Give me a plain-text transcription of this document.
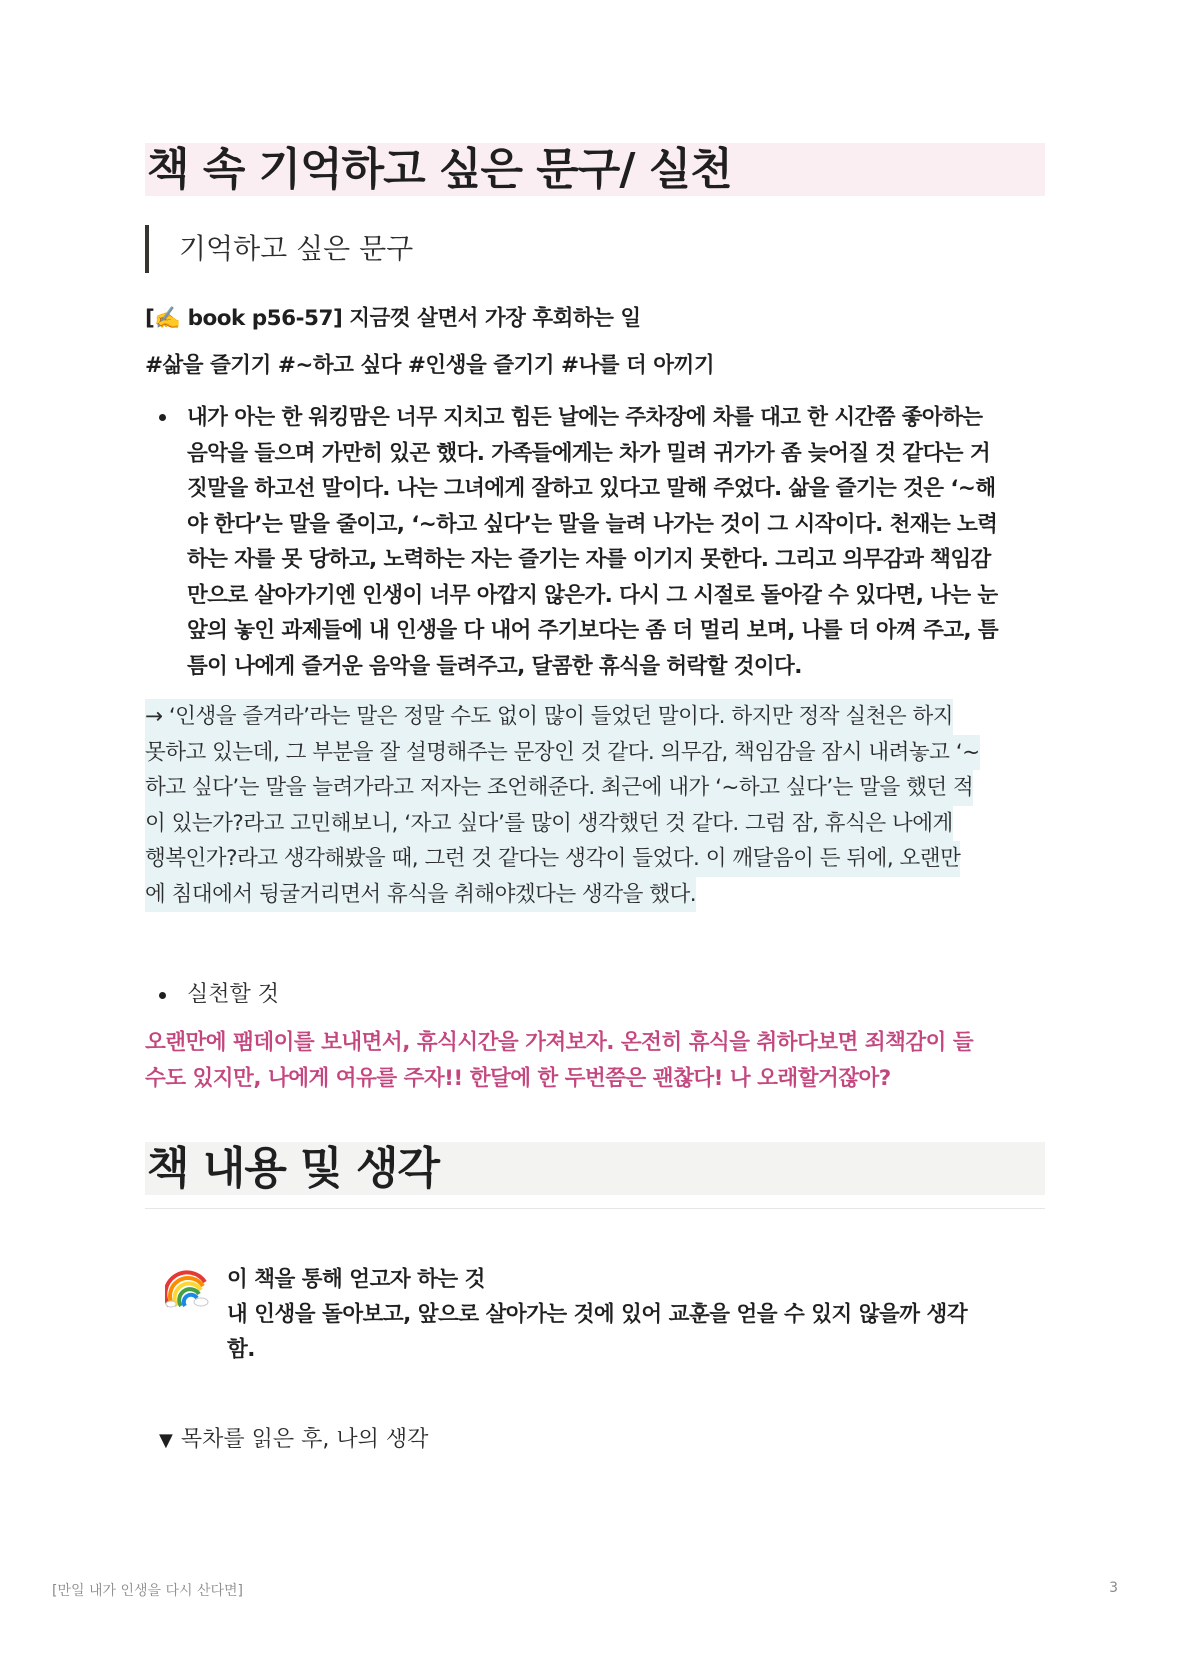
책 속 기억하고 싶은 문구/ 실천
기억하고 싶은 문구
[✍️ book p56-57] 지금껏 살면서 가장 후회하는 일
#삶을 즐기기 #~하고 싶다 #인생을 즐기기 #나를 더 아끼기
내가 아는 한 워킹맘은 너무 지치고 힘든 날에는 주차장에 차를 대고 한 시간쯤 좋아하는
음악을 들으며 가만히 있곤 했다. 가족들에게는 차가 밀려 귀가가 좀 늦어질 것 같다는 거
짓말을 하고선 말이다. 나는 그녀에게 잘하고 있다고 말해 주었다. 삶을 즐기는 것은 ‘~해
야 한다’는 말을 줄이고, ‘~하고 싶다’는 말을 늘려 나가는 것이 그 시작이다. 천재는 노력
하는 자를 못 당하고, 노력하는 자는 즐기는 자를 이기지 못한다. 그리고 의무감과 책임감
만으로 살아가기엔 인생이 너무 아깝지 않은가. 다시 그 시절로 돌아갈 수 있다면, 나는 눈
앞의 놓인 과제들에 내 인생을 다 내어 주기보다는 좀 더 멀리 보며, 나를 더 아껴 주고, 틈
틈이 나에게 즐거운 음악을 들려주고, 달콤한 휴식을 허락할 것이다.
→ ‘인생을 즐겨라’라는 말은 정말 수도 없이 많이 들었던 말이다. 하지만 정작 실천은 하지
못하고 있는데, 그 부분을 잘 설명해주는 문장인 것 같다. 의무감, 책임감을 잠시 내려놓고 ‘~
하고 싶다’는 말을 늘려가라고 저자는 조언해준다. 최근에 내가 ‘~하고 싶다’는 말을 했던 적
이 있는가?라고 고민해보니, ‘자고 싶다’를 많이 생각했던 것 같다. 그럼 잠, 휴식은 나에게
행복인가?라고 생각해봤을 때, 그런 것 같다는 생각이 들었다. 이 깨달음이 든 뒤에, 오랜만
에 침대에서 뒹굴거리면서 휴식을 취해야겠다는 생각을 했다.
실천할 것
오랜만에 팸데이를 보내면서, 휴식시간을 가져보자. 온전히 휴식을 취하다보면 죄책감이 들
수도 있지만, 나에게 여유를 주자!! 한달에 한 두번쯤은 괜찮다! 나 오래할거잖아?
책 내용 및 생각
이 책을 통해 얻고자 하는 것
내 인생을 돌아보고, 앞으로 살아가는 것에 있어 교훈을 얻을 수 있지 않을까 생각
함.
▼ 목차를 읽은 후, 나의 생각
[만일 내가 인생을 다시 산다면]	3
